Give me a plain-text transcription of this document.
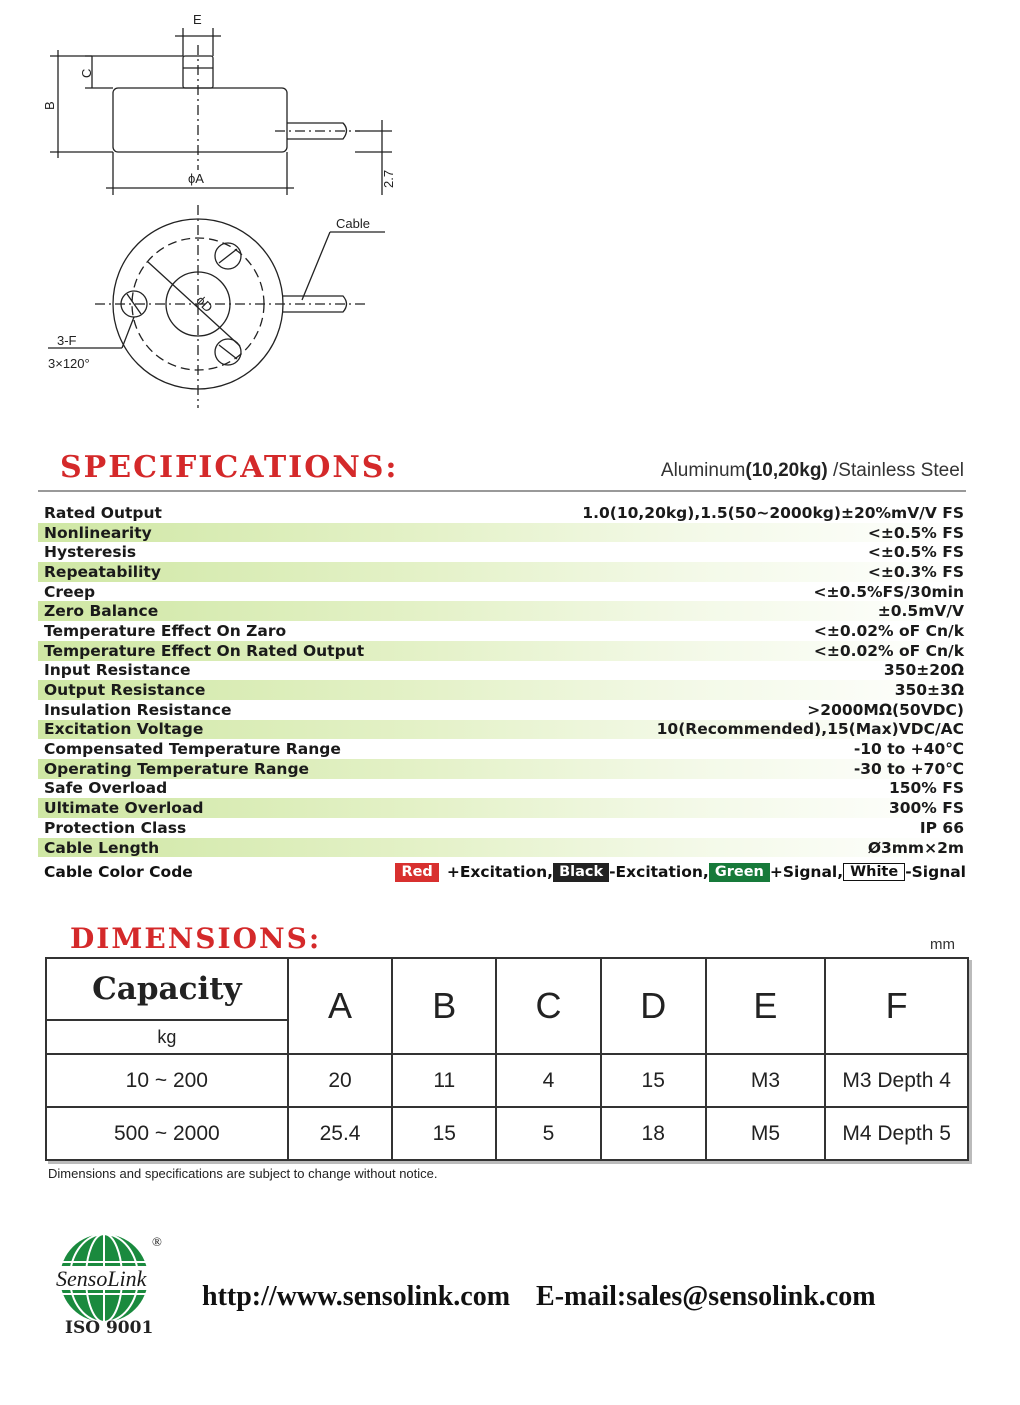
E
C
B
ϕA	2.7
Cable
ϕD
3-F
3×120°
SPECIFICATIONS:	Aluminum(10,20kg) /Stainless Steel
Rated Output	1.0(10,20kg),1.5(50~2000kg)±20%mV/V FS
Nonlinearity	<±0.5% FS
Hysteresis	<±0.5% FS
Repeatability	<±0.3% FS
Creep	<±0.5%FS/30min
Zero Balance	±0.5mV/V
Temperature Effect On Zaro	<±0.02% oF Cn/k
Temperature Effect On Rated Output	<±0.02% oF Cn/k
Input Resistance	350±20Ω
Output Resistance	350±3Ω
Insulation Resistance	>2000MΩ(50VDC)
Excitation Voltage	10(Recommended),15(Max)VDC/AC
Compensated Temperature Range	-10 to +40℃
Operating Temperature Range	-30 to +70℃
Safe Overload	150% FS
Ultimate Overload	300% FS
Protection Class	IP 66
Cable Length	Ø3mm×2m
Cable Color Code	Red +Excitation, Black -Excitation, Green +Signal, White -Signal
DIMENSIONS:	mm
Capacity	A	B	C	D	E	F
kg						
10 ~ 200	20	11	4	15	M3	M3 Depth 4
500 ~ 2000	25.4	15	5	18	M5	M4 Depth 5
Dimensions and specifications are subject to change without notice.
SensoLink
®
ISO 9001
http://www.sensolink.com E-mail:sales@sensolink.com
